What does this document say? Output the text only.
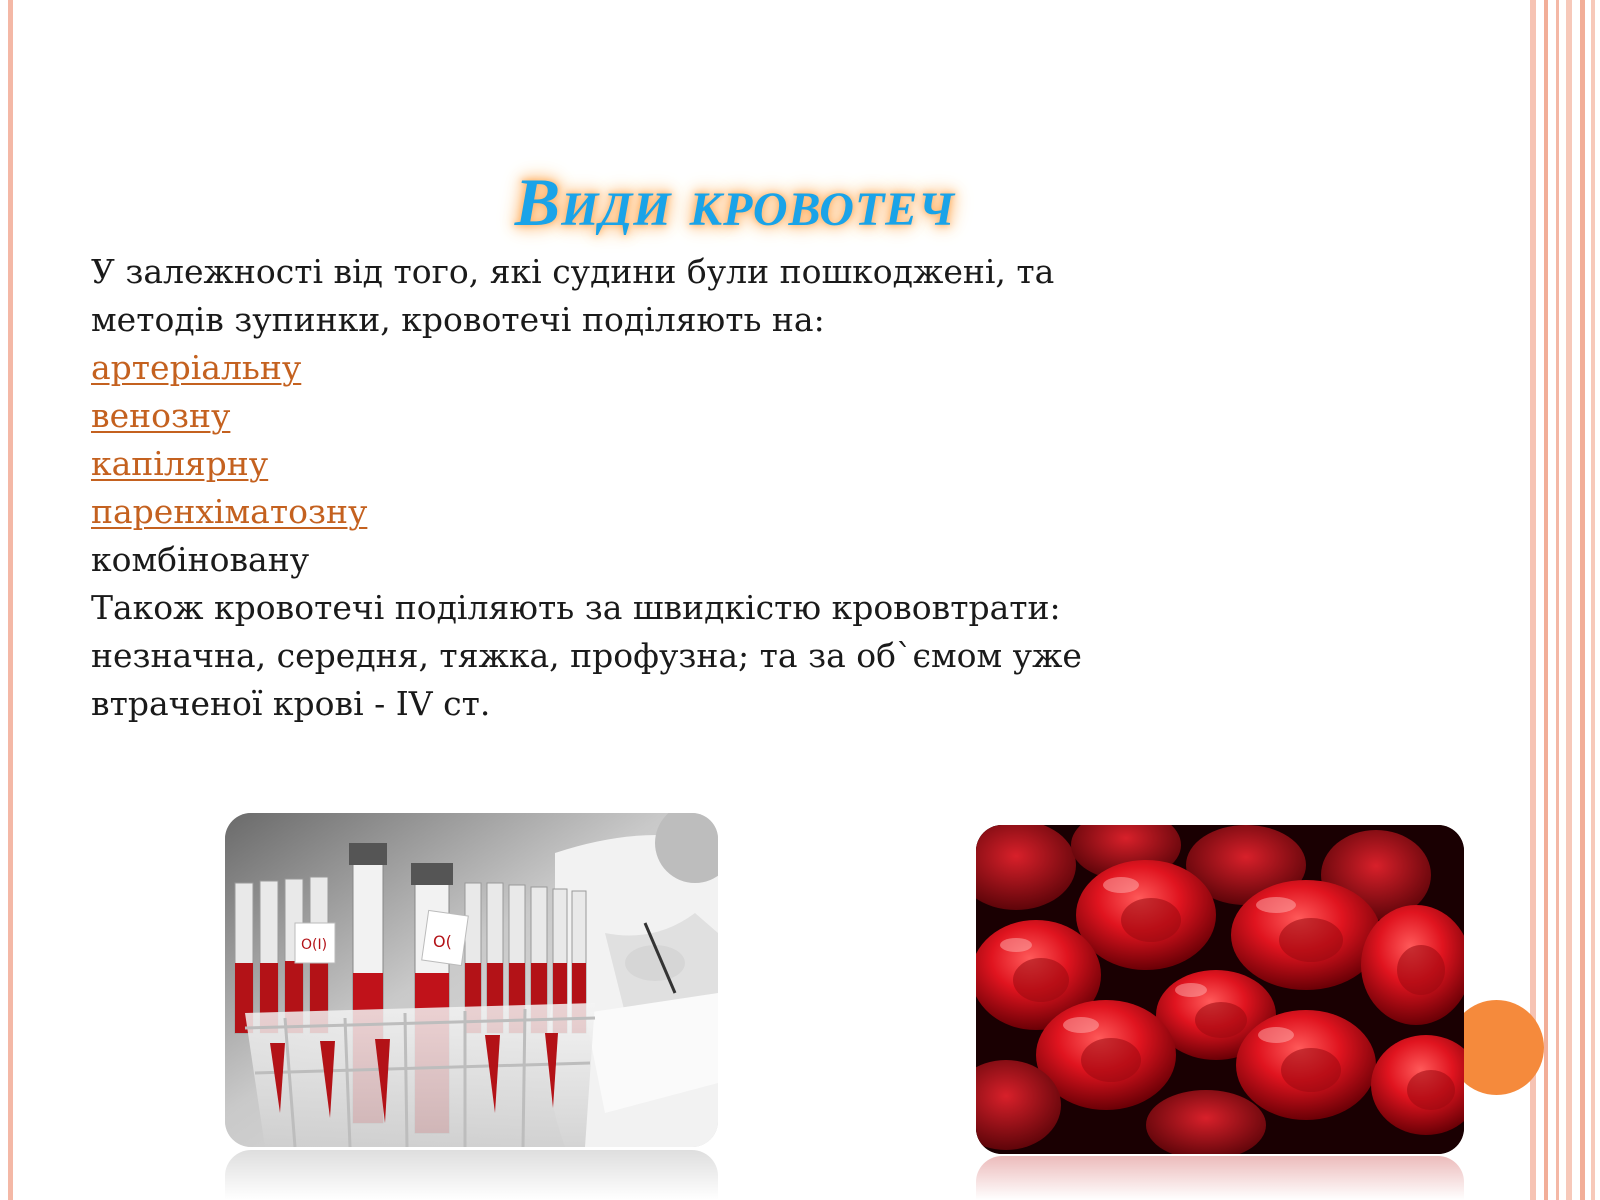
Види кровотеч
У залежності від того, які судини були пошкоджені, та
методів зупинки, кровотечі поділяють на:
артеріальну
венозну
капілярну
паренхіматозну
комбіновану
Також кровотечі поділяють за швидкістю крововтрати:
незначна, середня, тяжка, профузна; та за об`ємом уже
втраченої крові - IV ст.
O(
O(I)
